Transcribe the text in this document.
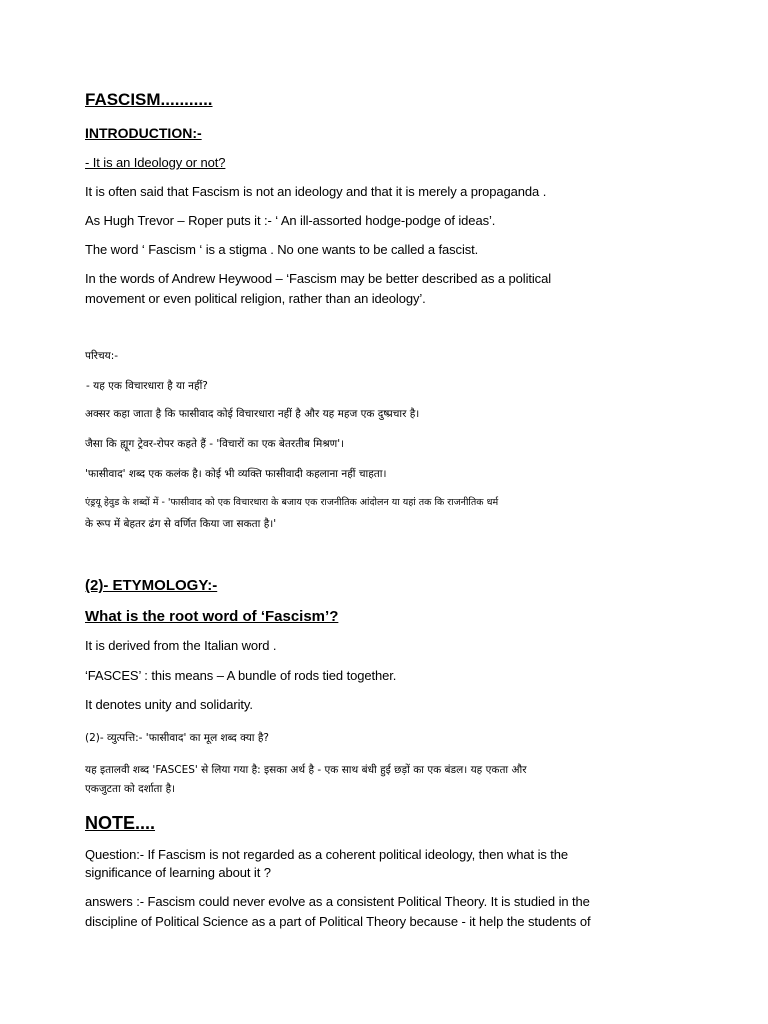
FASCISM...........

INTRODUCTION:-

- It is an Ideology or not?

It is often said that Fascism is not an ideology and that it is merely a propaganda .

As Hugh Trevor – Roper puts it :- ‘ An ill-assorted hodge-podge of ideas’.

The word ‘ Fascism ‘ is a stigma . No one wants to be called a fascist.

In the words of Andrew Heywood – ‘Fascism may be better described as a political

movement or even political religion, rather than an ideology’.

परिचय:-

- यह एक विचारधारा है या नहीं?

अक्सर कहा जाता है कि फासीवाद कोई विचारधारा नहीं है और यह महज एक दुष्प्रचार है।

जैसा कि ह्यूग ट्रेवर-रोपर कहते हैं - 'विचारों का एक बेतरतीब मिश्रण'।

'फासीवाद' शब्द एक कलंक है। कोई भी व्यक्ति फासीवादी कहलाना नहीं चाहता।

एंड्रयू हेवुड के शब्दों में - 'फासीवाद को एक विचारधारा के बजाय एक राजनीतिक आंदोलन या यहां तक कि राजनीतिक धर्म

के रूप में बेहतर ढंग से वर्णित किया जा सकता है।'

(2)- ETYMOLOGY:-

What is the root word of ‘Fascism’?

It is derived from the Italian word .

‘FASCES’ : this means – A bundle of rods tied together.

It denotes unity and solidarity.

(2)- व्युत्पत्ति:- 'फासीवाद' का मूल शब्द क्या है?

यह इतालवी शब्द 'FASCES' से लिया गया है: इसका अर्थ है - एक साथ बंधी हुई छड़ों का एक बंडल। यह एकता और

एकजुटता को दर्शाता है।

NOTE....

Question:- If Fascism is not regarded as a coherent political ideology, then what is the

significance of learning about it ?

answers :- Fascism could never evolve as a consistent Political Theory. It is studied in the

discipline of Political Science as a part of Political Theory because - it help the students of
